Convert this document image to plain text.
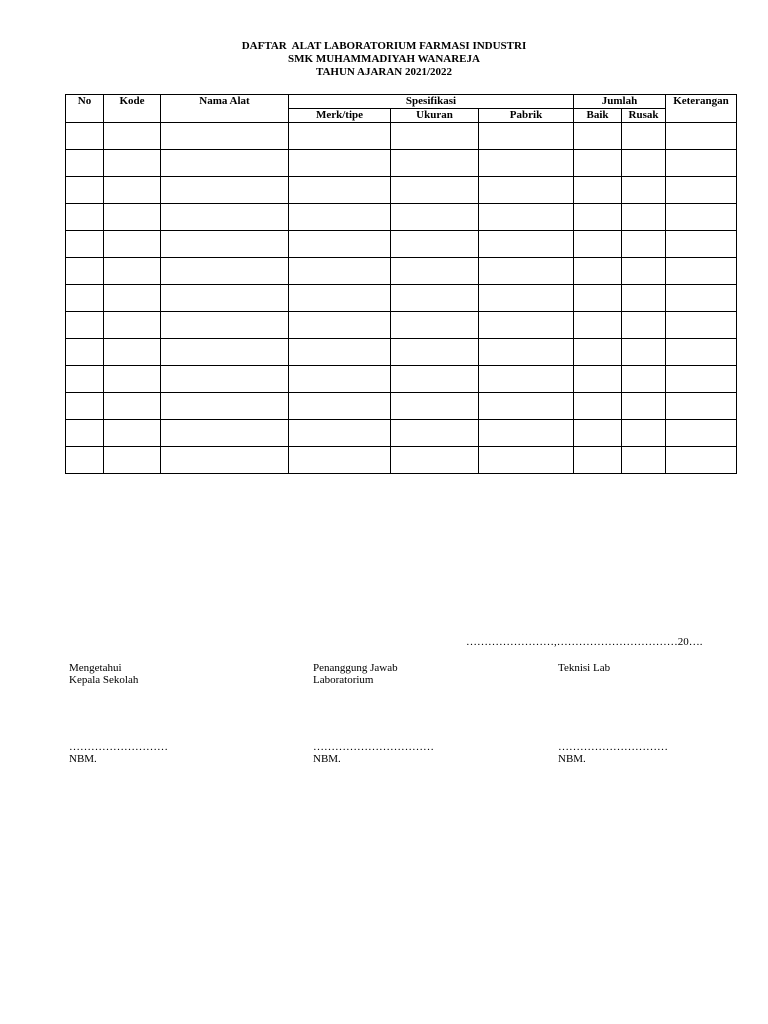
DAFTAR  ALAT LABORATORIUM FARMASI INDUSTRI
SMK MUHAMMADIYAH WANAREJA
TAHUN AJARAN 2021/2022
No	Kode	Nama Alat	Spesifikasi			Jumlah		Keterangan
			Merk/tipe	Ukuran	Pabrik	Baik	Rusak	

……………………,……………………………20….
Mengetahui
Kepala Sekolah
Penanggung Jawab
Laboratorium
Teknisi Lab
………………………
NBM.
……………………………
NBM.
…………………………
NBM.
